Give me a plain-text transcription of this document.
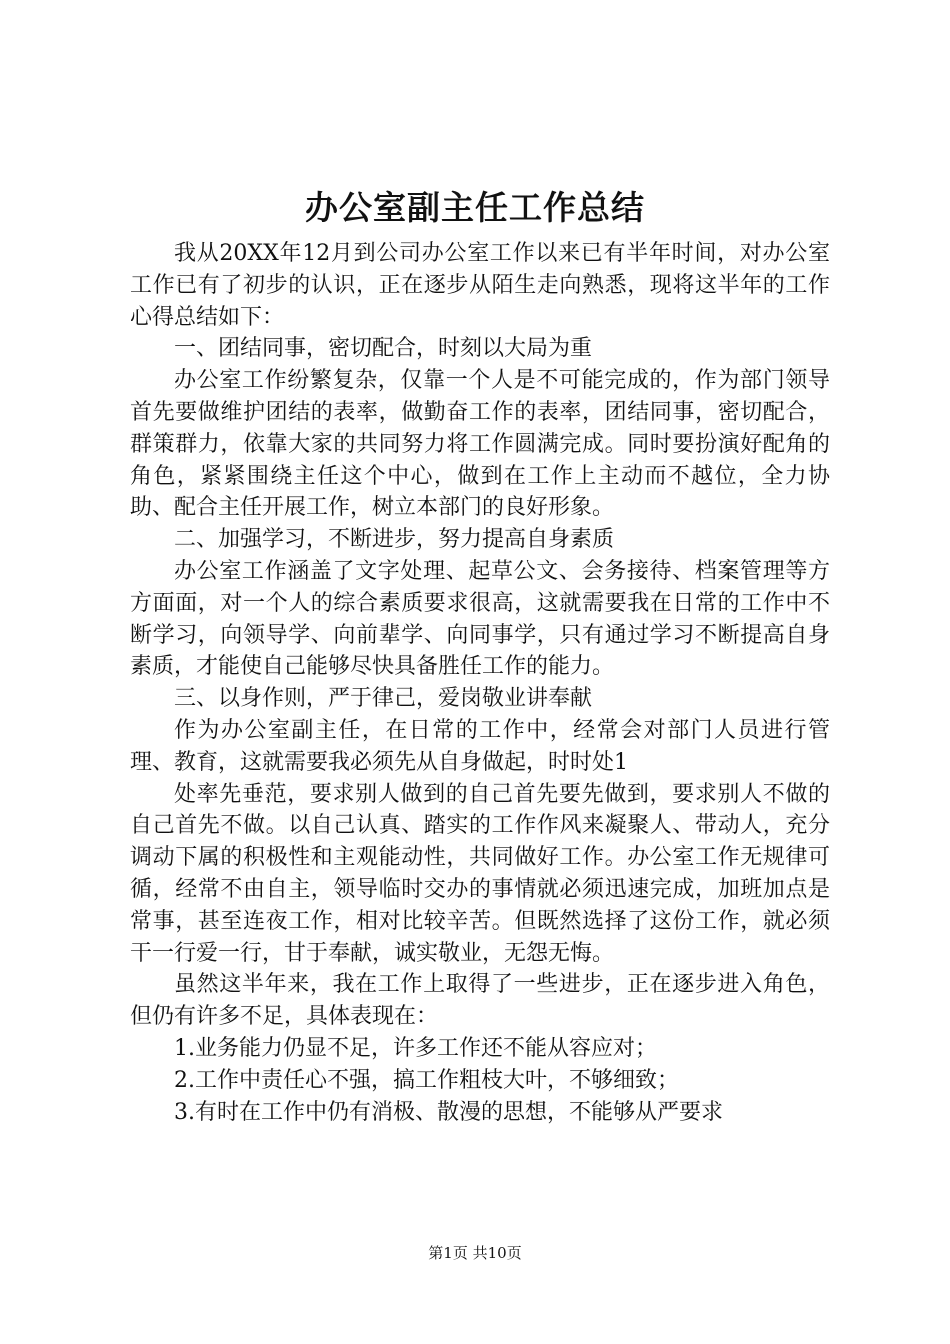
办公室副主任工作总结

我从20XX年12月到公司办公室工作以来已有半年时间，对办公室工作已有了初步的认识，正在逐步从陌生走向熟悉，现将这半年的工作心得总结如下：

一、团结同事，密切配合，时刻以大局为重

办公室工作纷繁复杂，仅靠一个人是不可能完成的，作为部门领导首先要做维护团结的表率，做勤奋工作的表率，团结同事，密切配合，群策群力，依靠大家的共同努力将工作圆满完成。同时要扮演好配角的角色，紧紧围绕主任这个中心，做到在工作上主动而不越位，全力协助、配合主任开展工作，树立本部门的良好形象。

二、加强学习，不断进步，努力提高自身素质

办公室工作涵盖了文字处理、起草公文、会务接待、档案管理等方方面面，对一个人的综合素质要求很高，这就需要我在日常的工作中不断学习，向领导学、向前辈学、向同事学，只有通过学习不断提高自身素质，才能使自己能够尽快具备胜任工作的能力。

三、以身作则，严于律己，爱岗敬业讲奉献

作为办公室副主任，在日常的工作中，经常会对部门人员进行管理、教育，这就需要我必须先从自身做起，时时处1

处率先垂范，要求别人做到的自己首先要先做到，要求别人不做的自己首先不做。以自己认真、踏实的工作作风来凝聚人、带动人，充分调动下属的积极性和主观能动性，共同做好工作。办公室工作无规律可循，经常不由自主，领导临时交办的事情就必须迅速完成，加班加点是常事，甚至连夜工作，相对比较辛苦。但既然选择了这份工作，就必须干一行爱一行，甘于奉献，诚实敬业，无怨无悔。

虽然这半年来，我在工作上取得了一些进步，正在逐步进入角色，但仍有许多不足，具体表现在：

1.业务能力仍显不足，许多工作还不能从容应对；

2.工作中责任心不强，搞工作粗枝大叶，不够细致；

3.有时在工作中仍有消极、散漫的思想，不能够从严要求

第1页 共10页
